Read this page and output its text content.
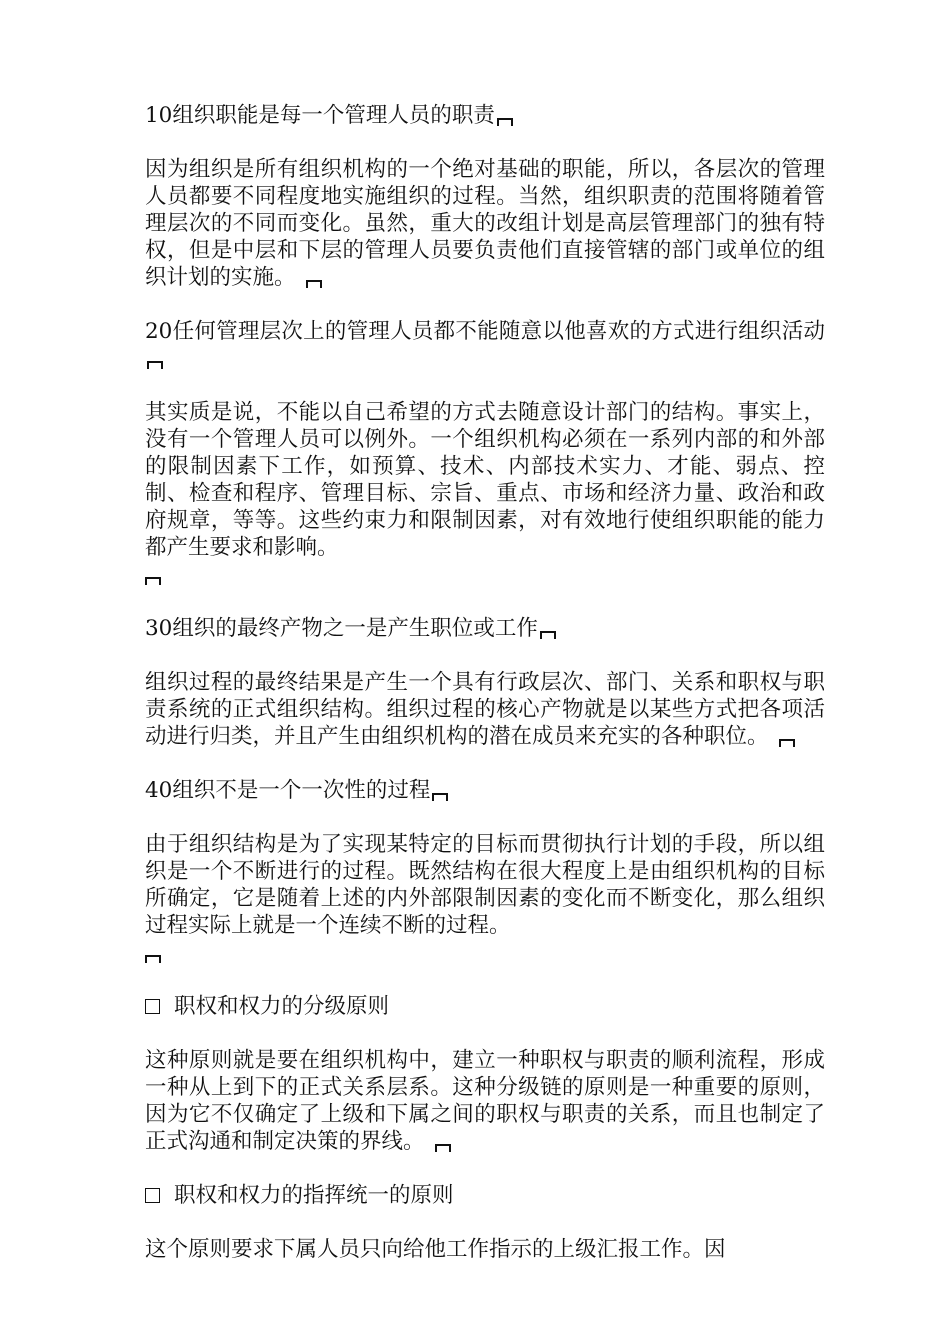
10组织职能是每一个管理人员的职责

因为组织是所有组织机构的一个绝对基础的职能，所以，各层次的管理人员都要不同程度地实施组织的过程。当然，组织职责的范围将随着管理层次的不同而变化。虽然，重大的改组计划是高层管理部门的独有特权，但是中层和下层的管理人员要负责他们直接管辖的部门或单位的组织计划的实施。

20任何管理层次上的管理人员都不能随意以他喜欢的方式进行组织活动

其实质是说，不能以自己希望的方式去随意设计部门的结构。事实上，没有一个管理人员可以例外。一个组织机构必须在一系列内部的和外部的限制因素下工作，如预算、技术、内部技术实力、才能、弱点、控制、检查和程序、管理目标、宗旨、重点、市场和经济力量、政治和政府规章，等等。这些约束力和限制因素，对有效地行使组织职能的能力都产生要求和影响。

30组织的最终产物之一是产生职位或工作

组织过程的最终结果是产生一个具有行政层次、部门、关系和职权与职责系统的正式组织结构。组织过程的核心产物就是以某些方式把各项活动进行归类，并且产生由组织机构的潜在成员来充实的各种职位。

40组织不是一个一次性的过程

由于组织结构是为了实现某特定的目标而贯彻执行计划的手段，所以组织是一个不断进行的过程。既然结构在很大程度上是由组织机构的目标所确定，它是随着上述的内外部限制因素的变化而不断变化，那么组织过程实际上就是一个连续不断的过程。

职权和权力的分级原则

这种原则就是要在组织机构中，建立一种职权与职责的顺利流程，形成一种从上到下的正式关系层系。这种分级链的原则是一种重要的原则，因为它不仅确定了上级和下属之间的职权与职责的关系，而且也制定了正式沟通和制定决策的界线。

职权和权力的指挥统一的原则

这个原则要求下属人员只向给他工作指示的上级汇报工作。因
